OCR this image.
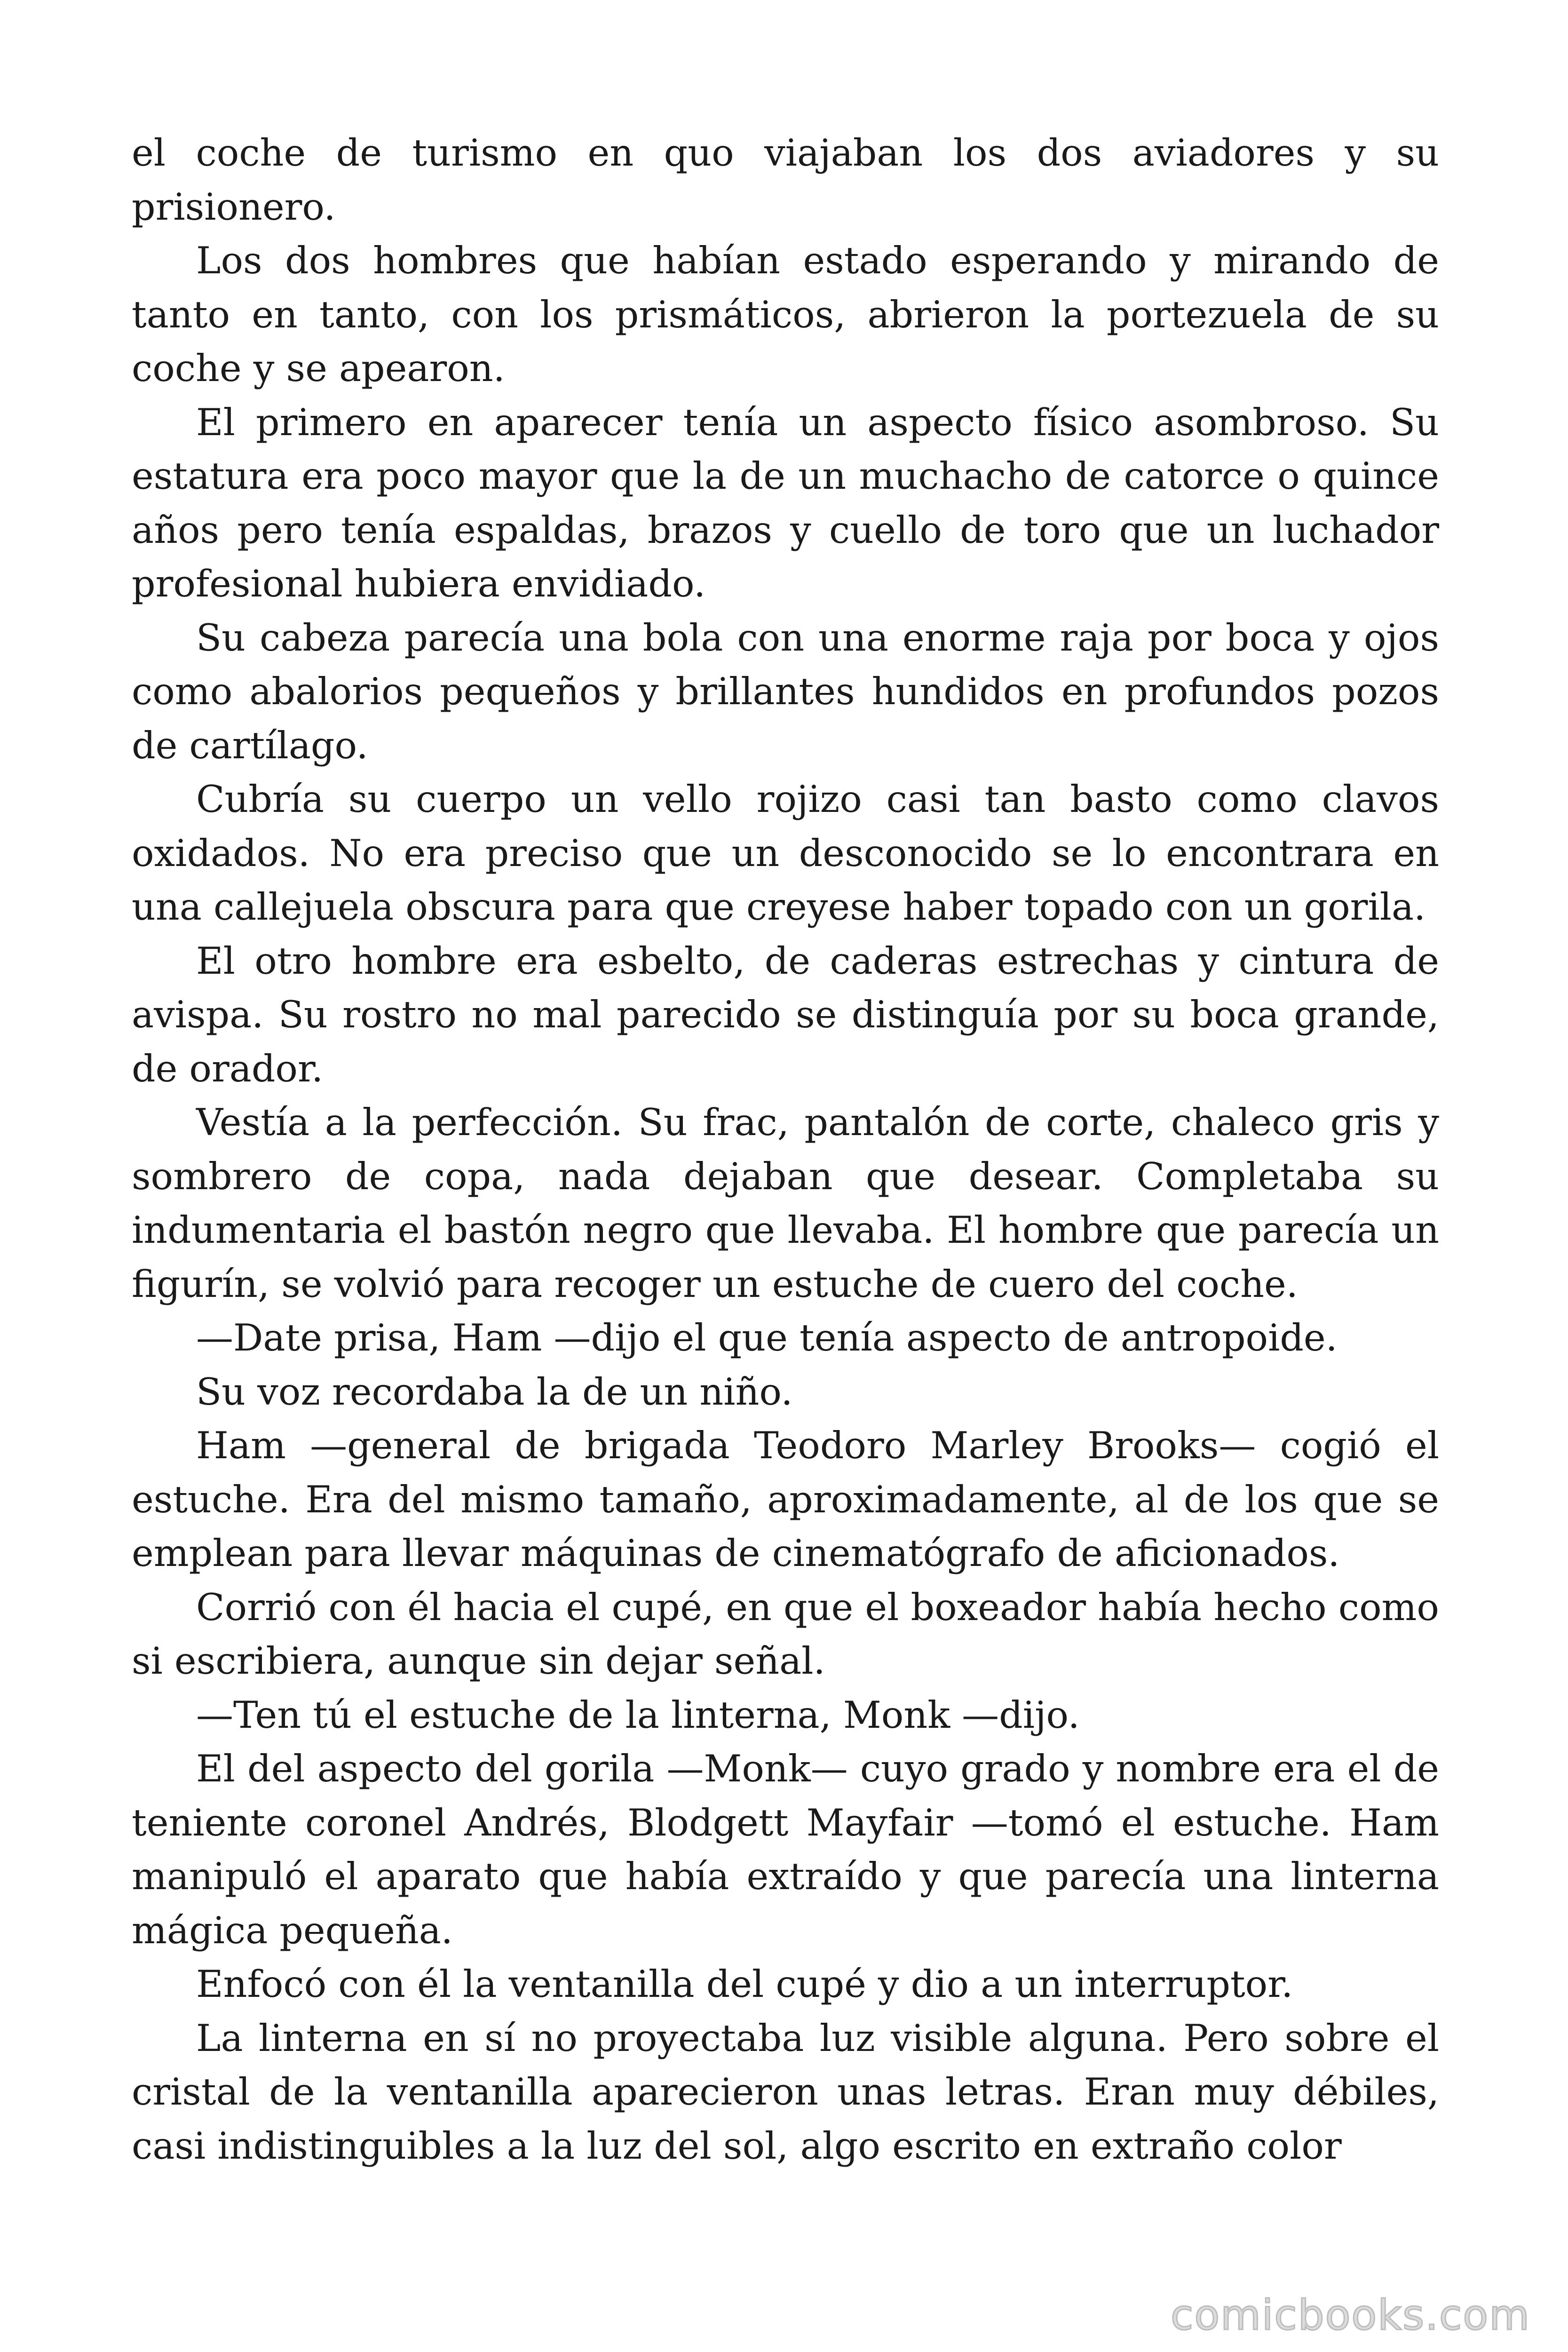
el coche de turismo en quo viajaban los dos aviadores y su prisionero.

Los dos hombres que habían estado esperando y mirando de tanto en tanto, con los prismáticos, abrieron la portezuela de su coche y se apearon.

El primero en aparecer tenía un aspecto físico asombroso. Su estatura era poco mayor que la de un muchacho de catorce o quince años pero tenía espaldas, brazos y cuello de toro que un luchador profesional hubiera envidiado.

Su cabeza parecía una bola con una enorme raja por boca y ojos como abalorios pequeños y brillantes hundidos en profundos pozos de cartílago.

Cubría su cuerpo un vello rojizo casi tan basto como clavos oxidados. No era preciso que un desconocido se lo encontrara en una callejuela obscura para que creyese haber topado con un gorila.

El otro hombre era esbelto, de caderas estrechas y cintura de avispa. Su rostro no mal parecido se distinguía por su boca grande, de orador.

Vestía a la perfección. Su frac, pantalón de corte, chaleco gris y sombrero de copa, nada dejaban que desear. Completaba su indumentaria el bastón negro que llevaba. El hombre que parecía un figurín, se volvió para recoger un estuche de cuero del coche.

—Date prisa, Ham —dijo el que tenía aspecto de antropoide.

Su voz recordaba la de un niño.

Ham —general de brigada Teodoro Marley Brooks— cogió el estuche. Era del mismo tamaño, aproximadamente, al de los que se emplean para llevar máquinas de cinematógrafo de aficionados.

Corrió con él hacia el cupé, en que el boxeador había hecho como si escribiera, aunque sin dejar señal.

—Ten tú el estuche de la linterna, Monk —dijo.

El del aspecto del gorila —Monk— cuyo grado y nombre era el de teniente coronel Andrés, Blodgett Mayfair —tomó el estuche. Ham manipuló el aparato que había extraído y que parecía una linterna mágica pequeña.

Enfocó con él la ventanilla del cupé y dio a un interruptor.

La linterna en sí no proyectaba luz visible alguna. Pero sobre el cristal de la ventanilla aparecieron unas letras. Eran muy débiles, casi indistinguibles a la luz del sol, algo escrito en extraño color

comicbooks.com
